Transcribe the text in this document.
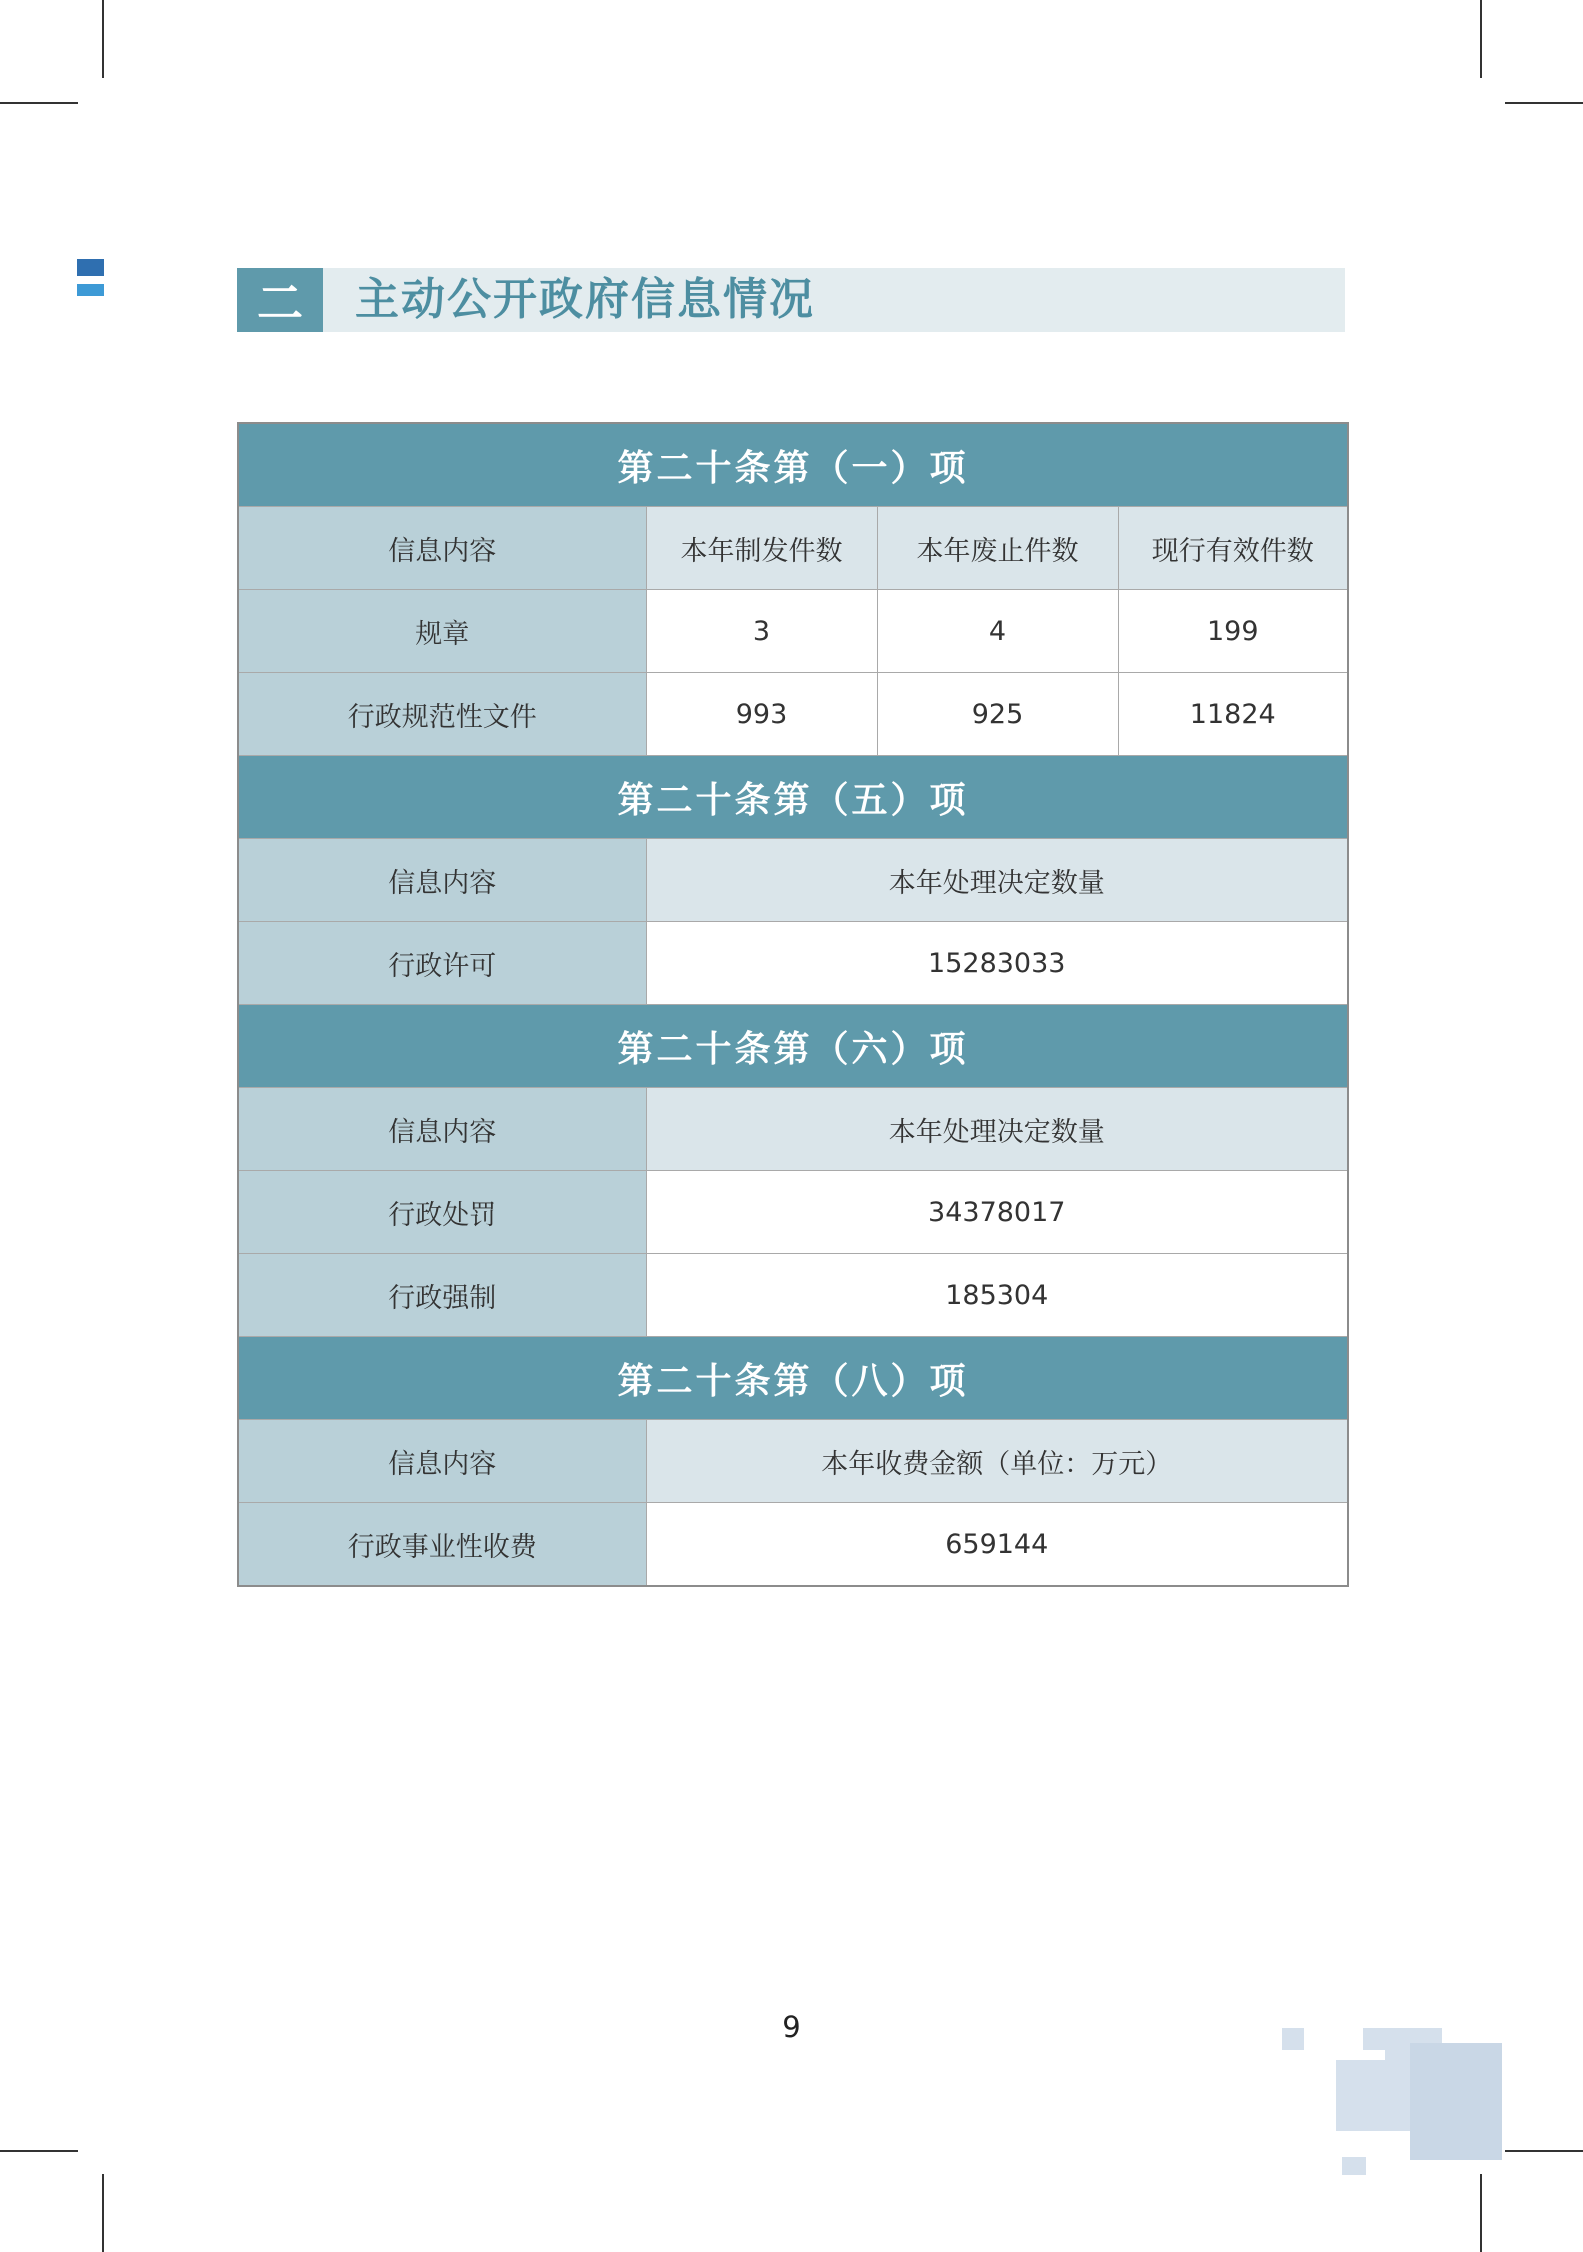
二	主动公开政府信息情况
第二十条第（一）项			
信息内容	本年制发件数	本年废止件数	现行有效件数
规章	3	4	199
行政规范性文件	993	925	11824
第二十条第（五）项			
信息内容	本年处理决定数量		
行政许可	15283033		
第二十条第（六）项			
信息内容	本年处理决定数量		
行政处罚	34378017		
行政强制	185304		
第二十条第（八）项			
信息内容	本年收费金额（单位：万元）		
行政事业性收费	659144		
9
